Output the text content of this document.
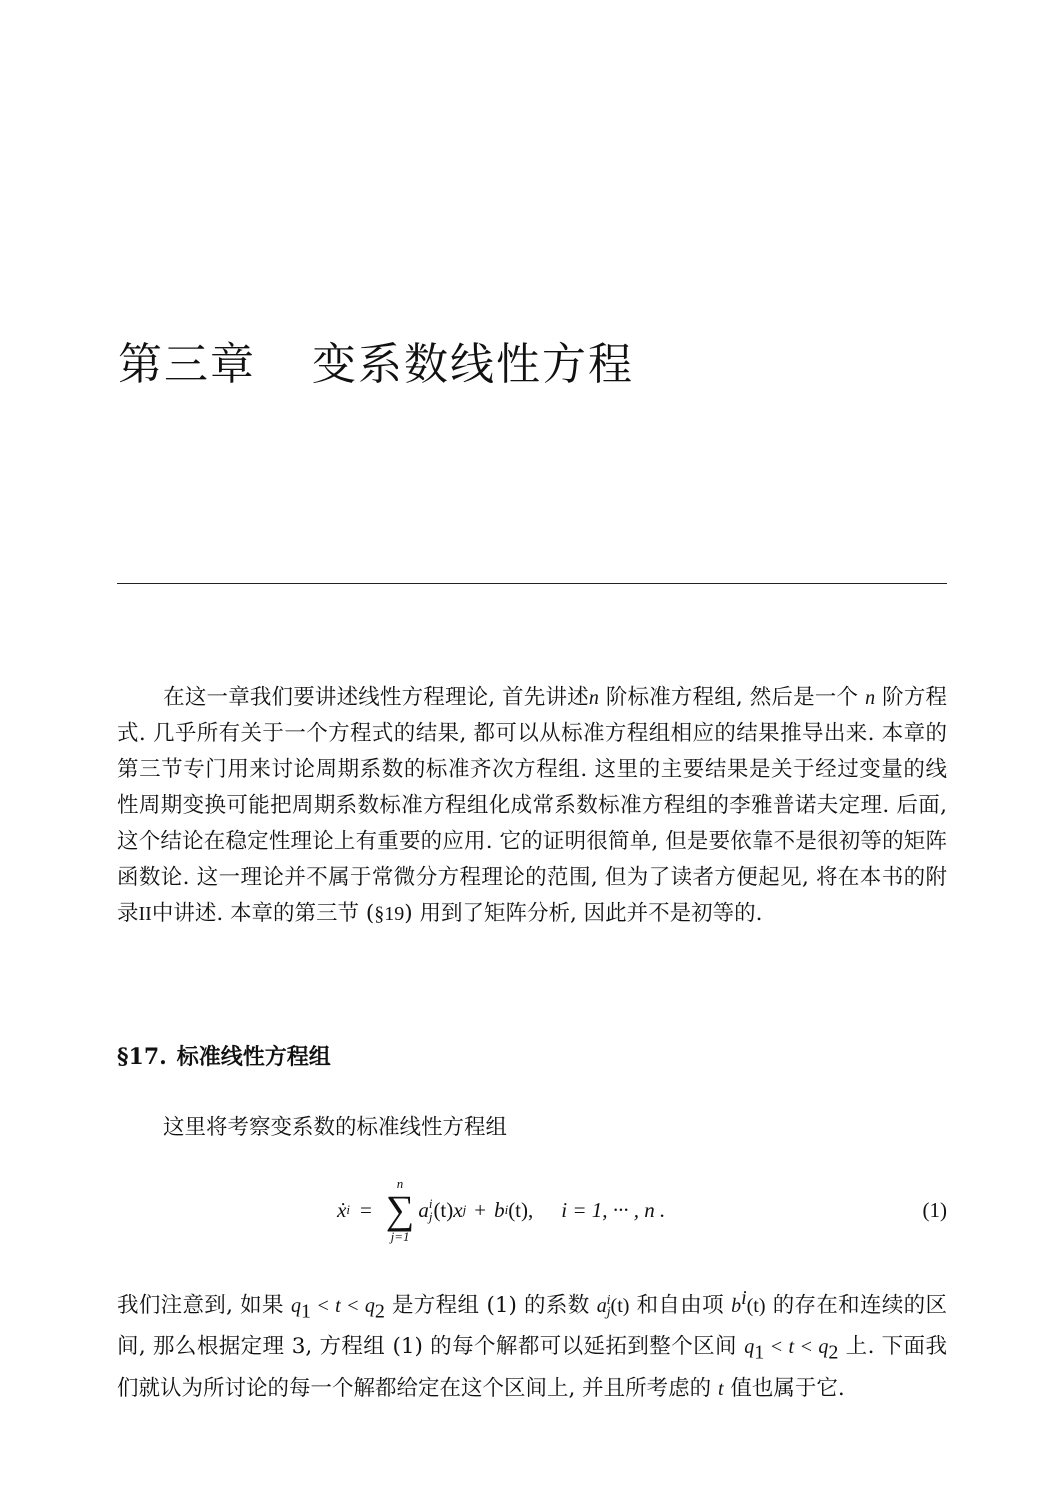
第三章 变系数线性方程

在这一章我们要讲述线性方程理论, 首先讲述n 阶标准方程组, 然后是一个 n 阶方程式. 几乎所有关于一个方程式的结果, 都可以从标准方程组相应的结果推导出来. 本章的第三节专门用来讨论周期系数的标准齐次方程组. 这里的主要结果是关于经过变量的线性周期变换可能把周期系数标准方程组化成常系数标准方程组的李雅普诺夫定理. 后面, 这个结论在稳定性理论上有重要的应用. 它的证明很简单, 但是要依靠不是很初等的矩阵函数论. 这一理论并不属于常微分方程理论的范围, 但为了读者方便起见, 将在本书的附录II中讲述. 本章的第三节 (§19) 用到了矩阵分析, 因此并不是初等的.

§17. 标准线性方程组

这里将考察变系数的标准线性方程组

ẋ i =
n
∑
j=1
a i
j (t) x j + b i (t), i = 1, ··· , n .	(1)

我们注意到, 如果 $q_1 < t < q_2$ 是方程组 (1) 的系数 a i
j (t) 和自由项 $b^i(t)$ 的存在和连续的区间, 那么根据定理 3, 方程组 (1) 的每个解都可以延拓到整个区间 $q_1 < t < q_2$ 上. 下面我们就认为所讨论的每一个解都给定在这个区间上, 并且所考虑的 t 值也属于它.
